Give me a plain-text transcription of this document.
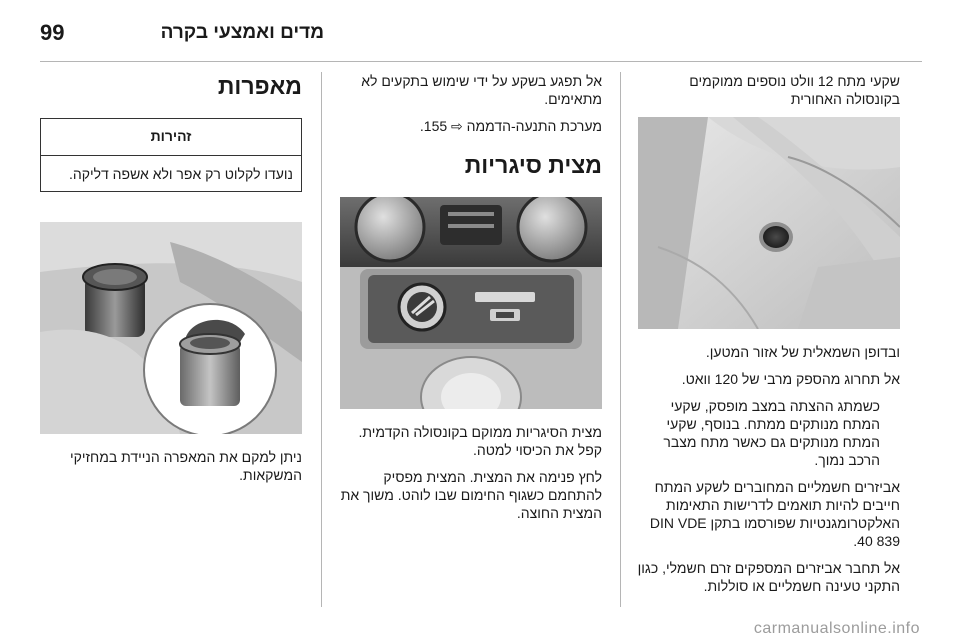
99	מדים ואמצעי בקרה

שקעי מתח 12 וולט נוספים ממוקמים בקונסולה האחורית

ובדופן השמאלית של אזור המטען.

אל תחרוג מהספק מרבי של 120 וואט.

כשמתג ההצתה במצב מופסק, שקעי המתח מנותקים ממתח. בנוסף, שקעי המתח מנותקים גם כאשר מתח מצבר הרכב נמוך.

אביזרים חשמליים המחוברים לשקע המתח חייבים להיות תואמים לדרישות התאימות האלקטרומגנטיות שפורסמו בתקן DIN VDE 40 839.

אל תחבר אביזרים המספקים זרם חשמלי, כגון התקני טעינה חשמליים או סוללות.

אל תפגע בשקע על ידי שימוש בתקעים לא מתאימים.

מערכת התנעה-הדממה ⇨ 155.

מצית סיגריות

מצית הסיגריות ממוקם בקונסולה הקדמית. קפל את הכיסוי למטה.

לחץ פנימה את המצית. המצית מפסיק להתחמם כשגוף החימום שבו לוהט. משוך את המצית החוצה.

מאפרות
זהירות
נועדו לקלוט רק אפר ולא אשפה דליקה.

ניתן למקם את המאפרה הניידת במחזיקי המשקאות.

carmanualsonline.info
